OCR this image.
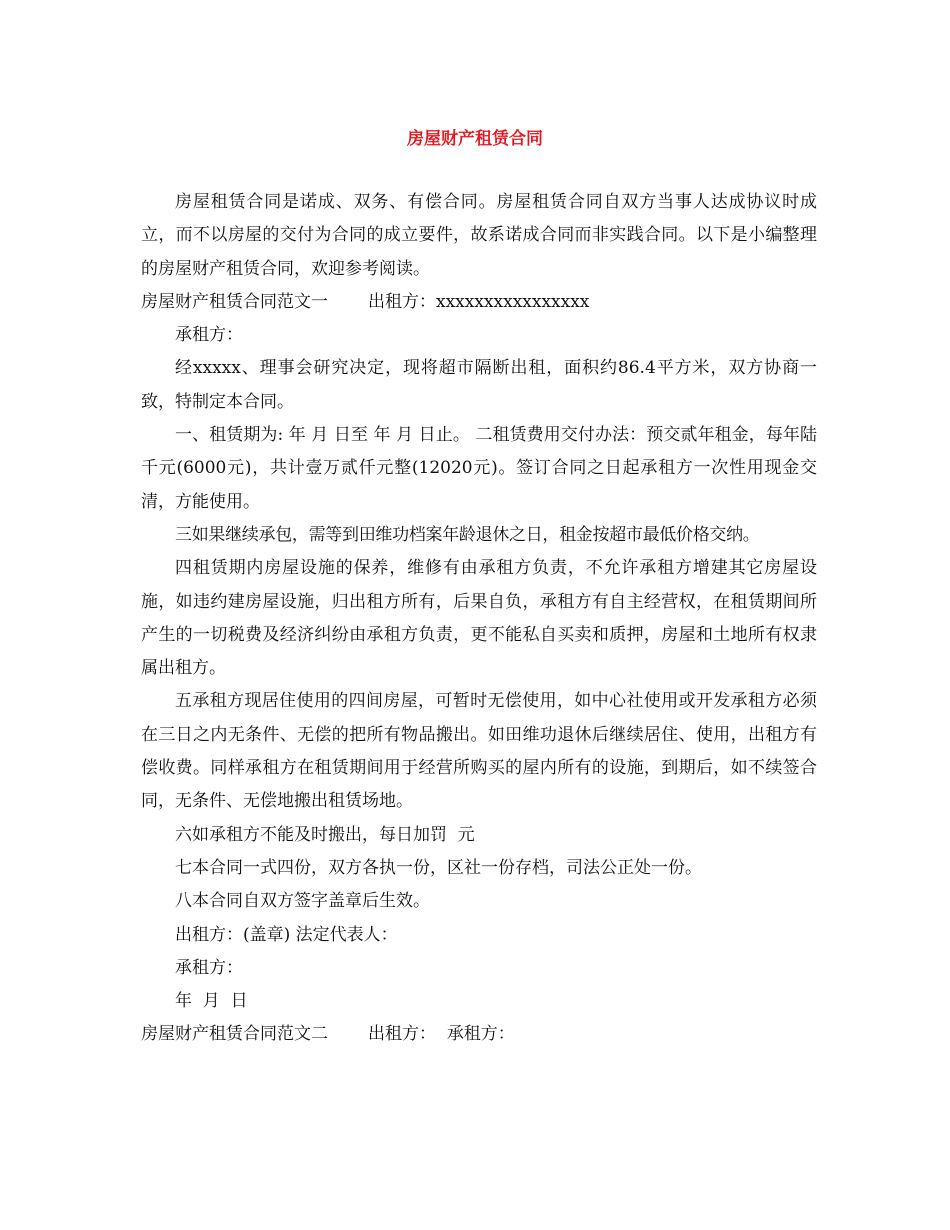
房屋财产租赁合同

房屋租赁合同是诺成、双务、有偿合同。房屋租赁合同自双方当事人达成协议时成立，而不以房屋的交付为合同的成立要件，故系诺成合同而非实践合同。以下是小编整理的房屋财产租赁合同，欢迎参考阅读。

房屋财产租赁合同范文一 出租方：xxxxxxxxxxxxxxxx

承租方：

经xxxxx、理事会研究决定，现将超市隔断出租，面积约86.4平方米，双方协商一致，特制定本合同。

一、租赁期为: 年 月 日至 年 月 日止。 二租赁费用交付办法：预交贰年租金，每年陆千元(6000元)，共计壹万贰仟元整(12020元)。签订合同之日起承租方一次性用现金交清，方能使用。

三如果继续承包，需等到田维功档案年龄退休之日，租金按超市最低价格交纳。

四租赁期内房屋设施的保养，维修有由承租方负责，不允许承租方增建其它房屋设施，如违约建房屋设施，归出租方所有，后果自负，承租方有自主经营权，在租赁期间所产生的一切税费及经济纠纷由承租方负责，更不能私自买卖和质押，房屋和土地所有权隶属出租方。

五承租方现居住使用的四间房屋，可暂时无偿使用，如中心社使用或开发承租方必须在三日之内无条件、无偿的把所有物品搬出。如田维功退休后继续居住、使用，出租方有偿收费。同样承租方在租赁期间用于经营所购买的屋内所有的设施，到期后，如不续签合同，无条件、无偿地搬出租赁场地。

六如承租方不能及时搬出，每日加罚  元

七本合同一式四份，双方各执一份，区社一份存档，司法公正处一份。

八本合同自双方签字盖章后生效。

出租方：(盖章) 法定代表人：

承租方：

年  月  日

房屋财产租赁合同范文二 出租方： 承租方：
